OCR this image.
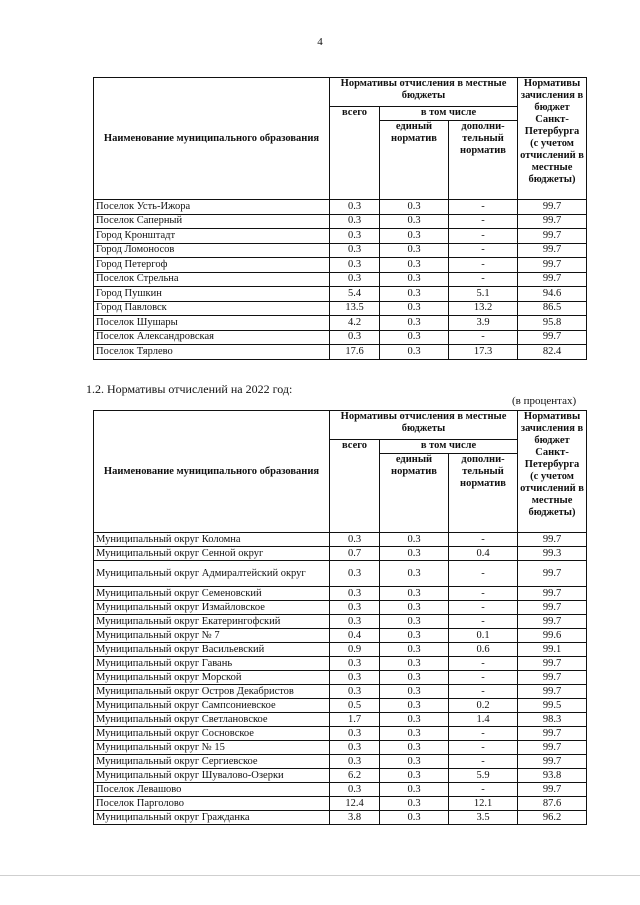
4
Наименование муниципального образования	Нормативы отчисления в местные бюджеты			Нормативы зачисления в бюджет Санкт-Петербурга (с учетом отчислений в местные бюджеты)
	всего	в том числе		
		единый норматив	дополни-тельный норматив	
Поселок Усть-Ижора	0.3	0.3	-	99.7
Поселок Саперный	0.3	0.3	-	99.7
Город Кронштадт	0.3	0.3	-	99.7
Город Ломоносов	0.3	0.3	-	99.7
Город Петергоф	0.3	0.3	-	99.7
Поселок Стрельна	0.3	0.3	-	99.7
Город Пушкин	5.4	0.3	5.1	94.6
Город Павловск	13.5	0.3	13.2	86.5
Поселок Шушары	4.2	0.3	3.9	95.8
Поселок Александровская	0.3	0.3	-	99.7
Поселок Тярлево	17.6	0.3	17.3	82.4
1.2. Нормативы отчислений на 2022 год:
(в процентах)
Наименование муниципального образования	Нормативы отчисления в местные бюджеты			Нормативы зачисления в бюджет Санкт-Петербурга (с учетом отчислений в местные бюджеты)
	всего	в том числе		
		единый норматив	дополни-тельный норматив	
Муниципальный округ Коломна	0.3	0.3	-	99.7
Муниципальный округ Сенной округ	0.7	0.3	0.4	99.3
Муниципальный округ Адмиралтейский округ	0.3	0.3	-	99.7
Муниципальный округ Семеновский	0.3	0.3	-	99.7
Муниципальный округ Измайловское	0.3	0.3	-	99.7
Муниципальный округ Екатерингофский	0.3	0.3	-	99.7
Муниципальный округ № 7	0.4	0.3	0.1	99.6
Муниципальный округ Васильевский	0.9	0.3	0.6	99.1
Муниципальный округ Гавань	0.3	0.3	-	99.7
Муниципальный округ Морской	0.3	0.3	-	99.7
Муниципальный округ Остров Декабристов	0.3	0.3	-	99.7
Муниципальный округ Сампсониевское	0.5	0.3	0.2	99.5
Муниципальный округ Светлановское	1.7	0.3	1.4	98.3
Муниципальный округ Сосновское	0.3	0.3	-	99.7
Муниципальный округ № 15	0.3	0.3	-	99.7
Муниципальный округ Сергиевское	0.3	0.3	-	99.7
Муниципальный округ Шувалово-Озерки	6.2	0.3	5.9	93.8
Поселок Левашово	0.3	0.3	-	99.7
Поселок Парголово	12.4	0.3	12.1	87.6
Муниципальный округ Гражданка	3.8	0.3	3.5	96.2
